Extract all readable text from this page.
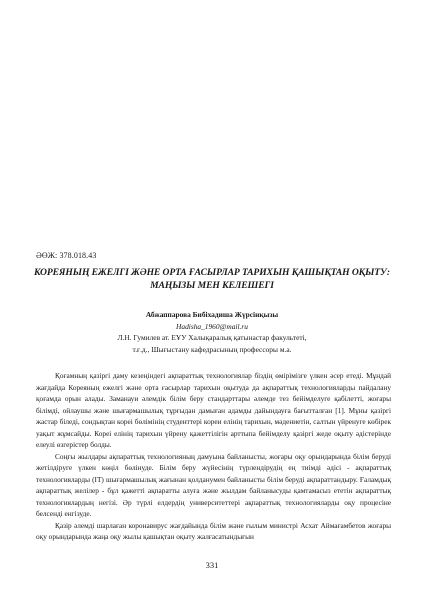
ӘӨЖ: 378.018.43
КОРЕЯНЫҢ ЕЖЕЛГІ ЖӘНЕ ОРТА ҒАСЫРЛАР ТАРИХЫН ҚАШЫҚТАН ОҚЫТУ:
МАҢЫЗЫ МЕН КЕЛЕШЕГІ
Абжаппарова Бибіхадиша Жүрсінқызы
Hadisha_1960@mail.ru
Л.Н. Гумилев ат. ЕҰУ Халықаралық қатынастар факультеті,
т.ғ.д., Шығыстану кафедрасының профессоры м.а.

Қоғамның қазіргі даму кезеңіндегі ақпараттық технологиялар біздің өмірімізге үлкен әсер етеді. Мұндай жағдайда Кореяның ежелгі және орта ғасырлар тарихын оқытуда да ақпараттық технологияларды пайдалану қоғамда орын алады. Заманауи әлемдік білім беру стандарттары әлемде тез бейімделуге қабілетті, жоғары білімді, ойлаушы және шығармашылық тұрғыдан дамыған адамды дайындауға бағытталған [1]. Мұны қазіргі жастар біледі, сондықтан кореі бөлімінің студенттері кореи елінің тарихын, мәдениетін, салтын үйренуге көбірек уақыт жұмсайды. Кореі елінің тарихын үйрену қажеттілігін арттыпа бейімделу қазіргі жеде оқыту әдістерінде елеулі өзгерістер болды.

Соңғы жылдары ақпараттық технологияның дамуына байланысты, жоғары оқу орындарында білім беруді жетілдіруге үлкен көңіл бөлінуде. Білім беру жүйесінің түрлендірудің ең тиімді әдісі - ақпараттық технологияларды (IT) шығармашылық жағынан қолданумен байланысты білім беруді ақпараттандыру. Ғаламдық ақпараттық желілер - бұл қажетті ақпаратты алуға және жылдам байланысуды қамтамасыз ететін ақпараттық технологиялардың негізі. Әр түрлі елдердің университеттері ақпараттық технологияларды оқу процесіне белсенді енгізуде.

Қазір әлемді шарлаған коронавирус жағдайында білім және ғылым министрі Асхат Аймағамбетов жоғары оқу орындарында жаңа оқу жылы қашықтан оқыту жалғасатындығын

331
